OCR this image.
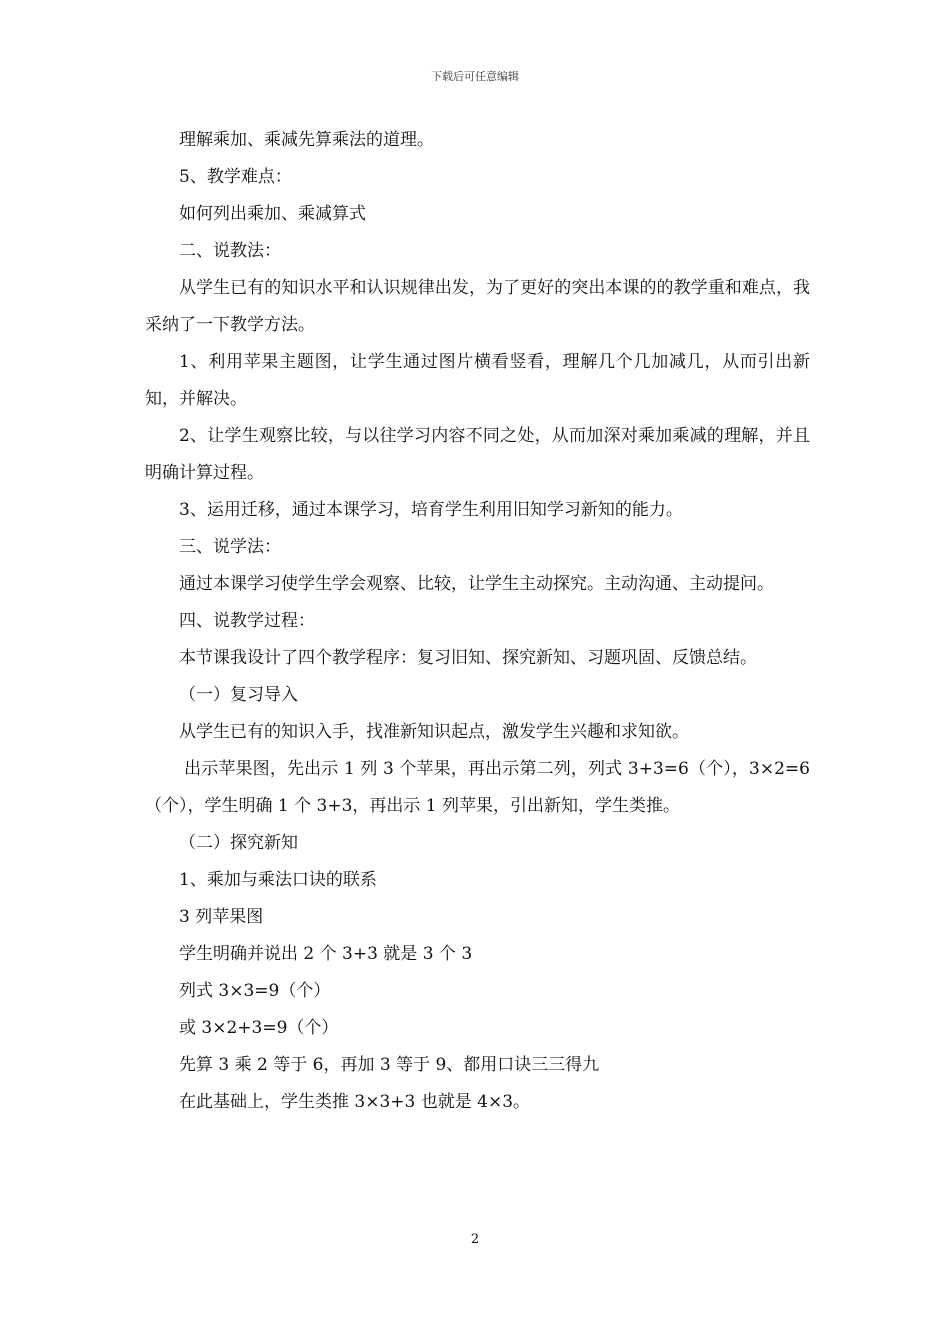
下载后可任意编辑

理解乘加、乘减先算乘法的道理。

5、教学难点：

如何列出乘加、乘减算式

二、说教法：

从学生已有的知识水平和认识规律出发，为了更好的突出本课的的教学重和难点，我采纳了一下教学方法。

1、利用苹果主题图，让学生通过图片横看竖看，理解几个几加减几，从而引出新知，并解决。

2、让学生观察比较，与以往学习内容不同之处，从而加深对乘加乘减的理解，并且明确计算过程。

3、运用迁移，通过本课学习，培育学生利用旧知学习新知的能力。

三、说学法：

通过本课学习使学生学会观察、比较，让学生主动探究。主动沟通、主动提问。

四、说教学过程：

本节课我设计了四个教学程序：复习旧知、探究新知、习题巩固、反馈总结。

（一）复习导入

从学生已有的知识入手，找准新知识起点，激发学生兴趣和求知欲。

出示苹果图，先出示 1 列 3 个苹果，再出示第二列，列式 3+3=6（个），3×2=6（个），学生明确 1 个 3+3，再出示 1 列苹果，引出新知，学生类推。

（二）探究新知

1、乘加与乘法口诀的联系

3 列苹果图

学生明确并说出 2 个 3+3 就是 3 个 3

列式 3×3=9（个）

或 3×2+3=9（个）

先算 3 乘 2 等于 6，再加 3 等于 9、都用口诀三三得九

在此基础上，学生类推 3×3+3 也就是 4×3。

2
